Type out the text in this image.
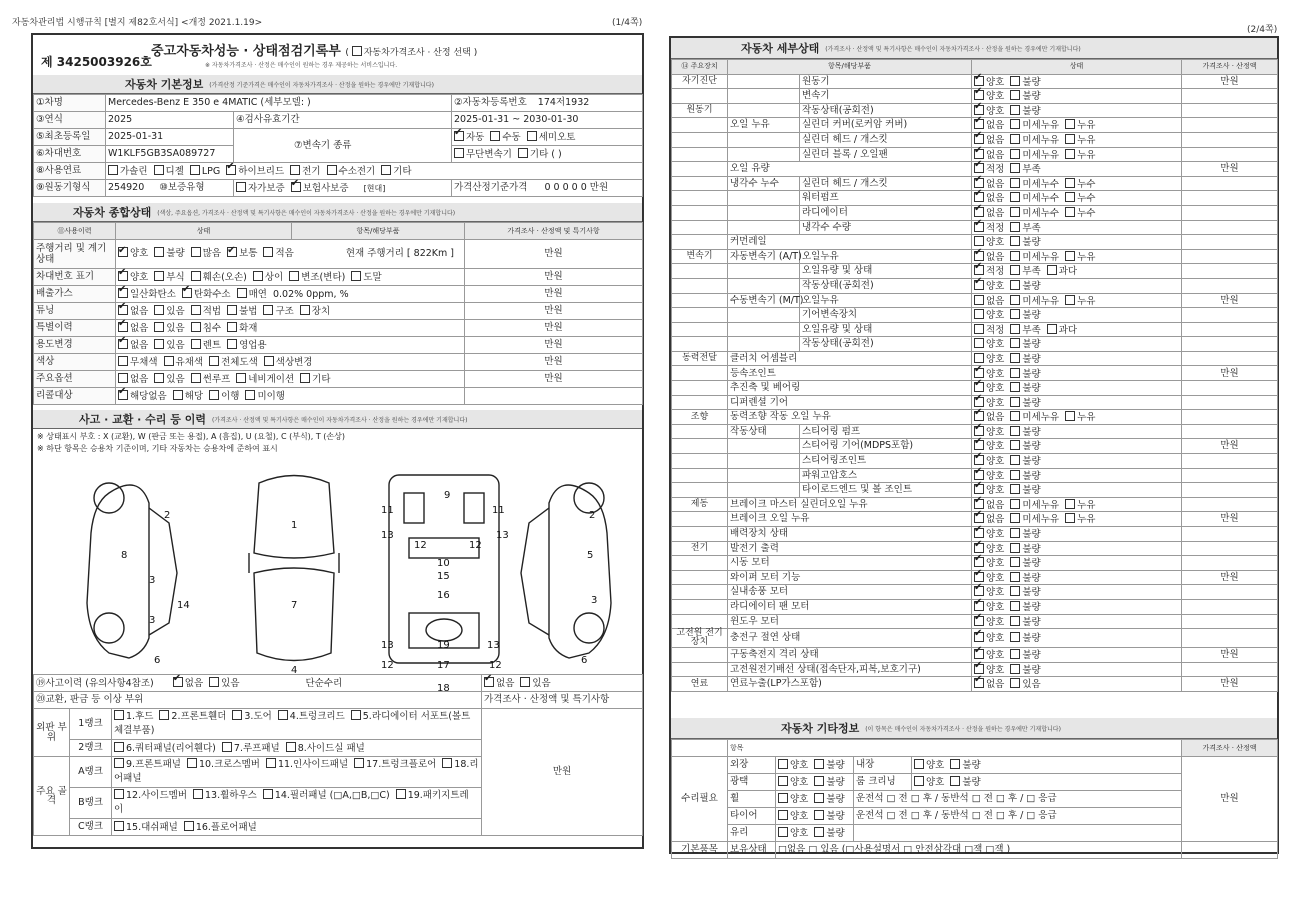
자동차관리법 시행규칙 [별지 제82호서식] <개정 2021.1.19>	(1/4쪽)
제 3425003926호
중고자동차성능 · 상태점검기록부 ( 자동차가격조사 · 산정 선택 )
※ 자동차가격조사 · 산정은 매수인이 원하는 경우 제공하는 서비스입니다.
자동차 기본정보 (가격산정 기준가격은 매수인이 자동차가격조사 · 산정을 원하는 경우에만 기재합니다)
①차명	Mercedes-Benz E 350 e 4MATIC (세부모델: )		②자동차등록번호 174저1932
③연식	2025	④검사유효기간	2025-01-31 ~ 2030-01-30
⑤최초등록일	2025-01-31	⑦변속기 종류	✔자동 수동 세미오토
⑥차대번호	W1KLF5GB3SA089727		무단변속기 기타 ( )
⑧사용연료	가솔린 디젤 LPG ✔ 하이브리드 전기 수소전기 기타
⑨원동기형식	254920 ⑩보증유형	자가보증 ✔ 보험사보증 [현대]	가격산정기준가격 0 0 0 0 0 만원
자동차 종합상태 (색상, 주요옵션, 가격조사 · 산정액 및 특기사항은 매수인이 자동차가격조사 · 산정을 원하는 경우에만 기재합니다)
⑪사용이력	상태	항목/해당부품	가격조사 · 산정액 및 특기사항
주행거리 및 계기상태	✔양호 불량 많음 ✔ 보통 적음 현재 주행거리 [ 822Km ]		만원
차대번호 표기	✔양호 부식 훼손(오손) 상이 변조(변타) 도말		만원
배출가스	✔일산화탄소 ✔ 탄화수소 매연 0.02% 0ppm, %		만원
튜닝	✔없음 있음 적법 불법 구조 장치		만원
특별이력	✔없음 있음 침수 화재		만원
용도변경	✔없음 있음 렌트 영업용		만원
색상	무채색 유채색 전체도색 색상변경		만원
주요옵션	없음 있음 썬루프 네비게이션 기타		만원
리콜대상	✔해당없음 해당 이행 미이행	
사고 · 교환 · 수리 등 이력 (가격조사 · 산정액 및 특기사항은 매수인이 자동차가격조사 · 산정을 원하는 경우에만 기재합니다)
※ 상태표시 부호 : X (교환), W (판금 또는 용접), A (흠집), U (요철), C (부식), T (손상)
※ 하단 항목은 승용차 기준이며, 기타 자동차는 승용차에 준하여 표시
2
8
3
3
14
6
1
7
4
11
13
9
11
13
12	12
10
15
16
13	19	13
12	17	12
18
2
5
3
6
⑲사고이력 (유의사항4참조) ✔ 없음 있음 단순수리	✔없음 있음
⑳교환, 판금 등 이상 부위			가격조사 · 산정액 및 특기사항
외판 부위	1랭크	1.후드 2.프론트휀더 3.도어 4.트렁크리드 5.라디에이터 서포트(볼트체결부품)	만원
	2랭크	6.쿼터패널(리어휀다) 7.루프패널 8.사이드실 패널	
주요 골격	A랭크	9.프론트패널 10.크로스멤버 11.인사이드패널 17.트렁크플로어 18.리어패널	
	B랭크	12.사이드멤버 13.휠하우스 14.필러패널 (□A,□B,□C) 19.패키지트레이	
	C랭크	15.대쉬패널 16.플로어패널	
(2/4쪽)
자동차 세부상태 (가격조사 · 산정액 및 특기사항은 매수인이 자동차가격조사 · 산정을 원하는 경우에만 기재합니다)
⑭ 주요장치	항목/해당부품		상태	가격조사 · 산정액
자기진단		원동기	✔양호 불량	만원
		변속기	✔양호 불량	
원동기		작동상태(공회전)	✔양호 불량	
	오일 누유	실린더 커버(로커암 커버)	✔없음 미세누유 누유	
		실린더 헤드 / 개스킷	✔없음 미세누유 누유	
		실린더 블록 / 오일팬	✔없음 미세누유 누유	
	오일 유량	✔적정 부족	만원
	냉각수 누수	실린더 헤드 / 개스킷	✔없음 미세누수 누수	
		워터펌프	✔없음 미세누수 누수	
		라디에이터	✔없음 미세누수 누수	
		냉각수 수량	✔적정 부족	
	커먼레일		양호 불량	
변속기	자동변속기 (A/T)	오일누유	✔없음 미세누유 누유	
		오일유량 및 상태	✔적정 부족 과다	
		작동상태(공회전)	✔양호 불량	
	수동변속기 (M/T)	오일누유	없음 미세누유 누유	만원
		기어변속장치	양호 불량	
		오일유량 및 상태	적정 부족 과다	
		작동상태(공회전)	양호 불량	
동력전달	클러치 어셈블리		양호 불량	
	등속조인트	✔양호 불량	만원
	추진축 및 베어링	✔양호 불량	
	디퍼렌셜 기어	✔양호 불량	
조향	동력조향 작동 오일 누유	✔없음 미세누유 누유	
	작동상태	스티어링 펌프	✔양호 불량	
		스티어링 기어(MDPS포함)	✔양호 불량	만원
		스티어링조인트	✔양호 불량	
		파워고압호스	✔양호 불량	
		타이로드엔드 및 볼 조인트	✔양호 불량	
제동	브레이크 마스터 실린더오일 누유	✔없음 미세누유 누유	
	브레이크 오일 누유	✔없음 미세누유 누유	만원
	배력장치 상태	✔양호 불량	
전기	발전기 출력	✔양호 불량	
	시동 모터	✔양호 불량	
	와이퍼 모터 기능	✔양호 불량	만원
	실내송풍 모터	✔양호 불량	
	라디에이터 팬 모터	✔양호 불량	
	윈도우 모터	✔양호 불량	
고전원 전기장치	충전구 절연 상태	✔양호 불량	
	구동축전지 격리 상태	✔양호 불량	만원
	고전원전기배선 상태(접속단자,피복,보호기구)	✔양호 불량	
연료	연료누출(LP가스포함)	✔없음 있음	만원
자동차 기타정보 (이 항목은 매수인이 자동차가격조사 · 산정을 원하는 경우에만 기재합니다)
	항목				가격조사 · 산정액
수리필요	외장	양호 불량	내장	양호 불량	만원
	광택	양호 불량	룸 크리닝	양호 불량	
	휠	양호 불량	운전석 □ 전 □ 후 / 동반석 □ 전 □ 후 / □ 응급		
	타이어	양호 불량	운전석 □ 전 □ 후 / 동반석 □ 전 □ 후 / □ 응급		
	유리	양호 불량			
기본품목	보유상태	□없음 □ 있음 (□사용설명서 □ 안전삼각대 □잭 □잭 )			
